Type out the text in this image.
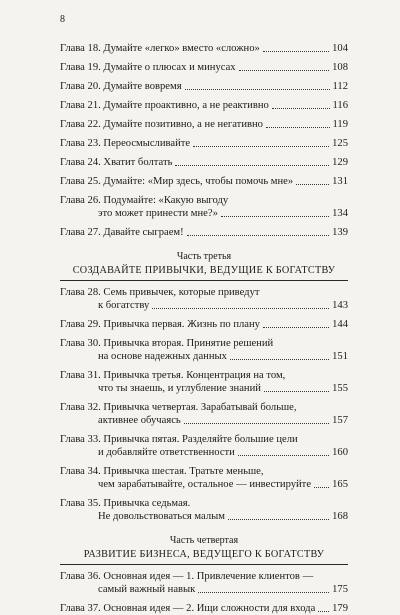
8
Глава 18. Думайте «легко» вместо «сложно»	104
Глава 19. Думайте о плюсах и минусах	108
Глава 20. Думайте вовремя	112
Глава 21. Думайте проактивно, а не реактивно	116
Глава 22. Думайте позитивно, а не негативно	119
Глава 23. Переосмысливайте	125
Глава 24. Хватит болтать	129
Глава 25. Думайте: «Мир здесь, чтобы помочь мне»	131
Глава 26. Подумайте: «Какую выгоду
это может принести мне?»	134
Глава 27. Давайте сыграем!	139
Часть третья
СОЗДАВАЙТЕ ПРИВЫЧКИ, ВЕДУЩИЕ К БОГАТСТВУ
Глава 28. Семь привычек, которые приведут
к богатству	143
Глава 29. Привычка первая. Жизнь по плану	144
Глава 30. Привычка вторая. Принятие решений
на основе надежных данных	151
Глава 31. Привычка третья. Концентрация на том,
что ты знаешь, и углубление знаний	155
Глава 32. Привычка четвертая. Зарабатывай больше,
активнее обучаясь	157
Глава 33. Привычка пятая. Разделяйте большие цели
и добавляйте ответственности	160
Глава 34. Привычка шестая. Тратьте меньше,
чем зарабатывайте, остальное — инвестируйте 165
Глава 35. Привычка седьмая.
Не довольствоваться малым	168
Часть четвертая
РАЗВИТИЕ БИЗНЕСА, ВЕДУЩЕГО К БОГАТСТВУ
Глава 36. Основная идея — 1. Привлечение клиентов —
самый важный навык	175
Глава 37. Основная идея — 2. Ищи сложности для входа 179
